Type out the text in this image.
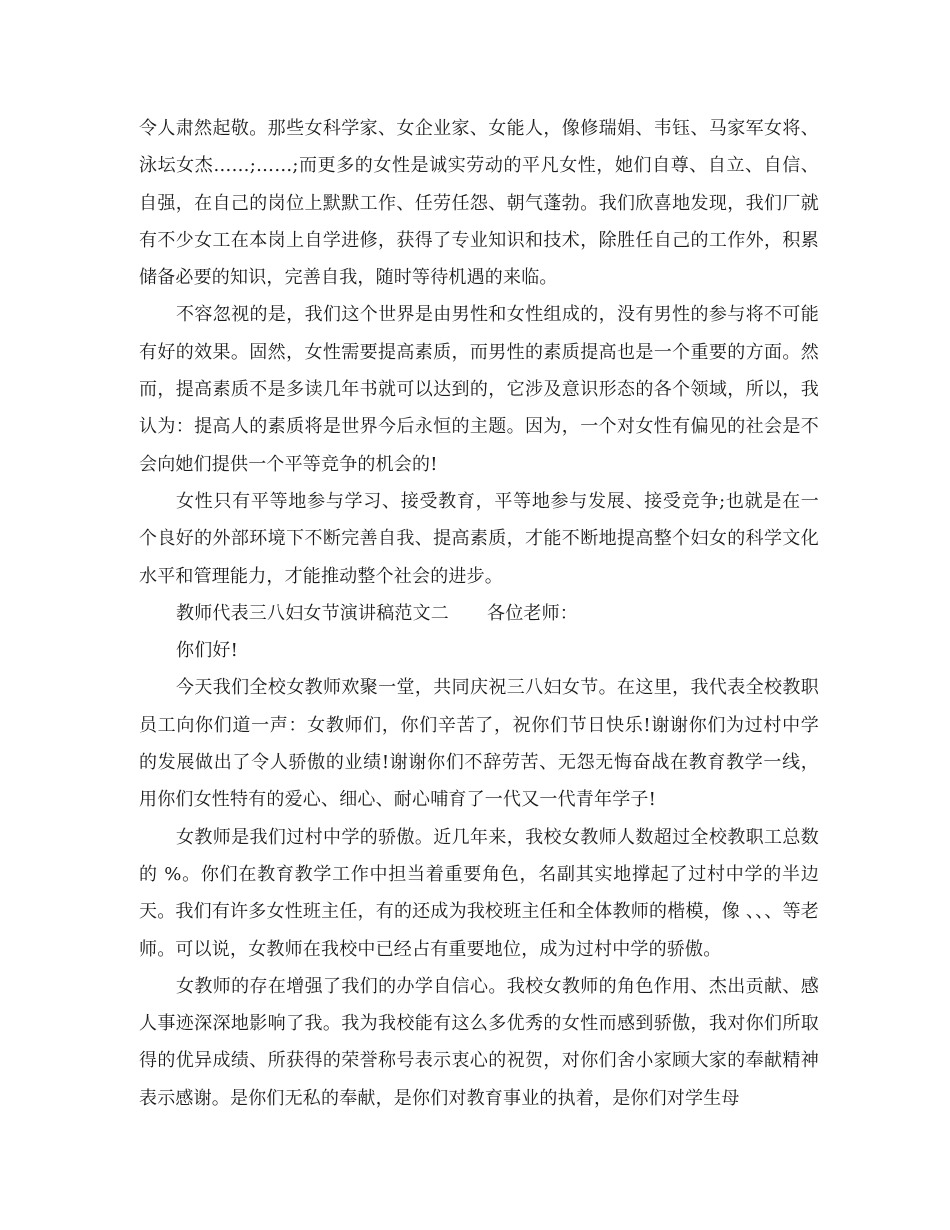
令人肃然起敬。那些女科学家、女企业家、女能人，像修瑞娟、韦钰、马家军女将、泳坛女杰……;……;而更多的女性是诚实劳动的平凡女性，她们自尊、自立、自信、自强，在自己的岗位上默默工作、任劳任怨、朝气蓬勃。我们欣喜地发现，我们厂就有不少女工在本岗上自学进修，获得了专业知识和技术，除胜任自己的工作外，积累储备必要的知识，完善自我，随时等待机遇的来临。

不容忽视的是，我们这个世界是由男性和女性组成的，没有男性的参与将不可能有好的效果。固然，女性需要提高素质，而男性的素质提高也是一个重要的方面。然而，提高素质不是多读几年书就可以达到的，它涉及意识形态的各个领域，所以，我认为：提高人的素质将是世界今后永恒的主题。因为，一个对女性有偏见的社会是不会向她们提供一个平等竞争的机会的!

女性只有平等地参与学习、接受教育，平等地参与发展、接受竞争;也就是在一个良好的外部环境下不断完善自我、提高素质，才能不断地提高整个妇女的科学文化水平和管理能力，才能推动整个社会的进步。

教师代表三八妇女节演讲稿范文二 各位老师：

你们好!

今天我们全校女教师欢聚一堂，共同庆祝三八妇女节。在这里，我代表全校教职员工向你们道一声：女教师们，你们辛苦了，祝你们节日快乐!谢谢你们为过村中学的发展做出了令人骄傲的业绩!谢谢你们不辞劳苦、无怨无悔奋战在教育教学一线，用你们女性特有的爱心、细心、耐心哺育了一代又一代青年学子!

女教师是我们过村中学的骄傲。近几年来，我校女教师人数超过全校教职工总数的 %。你们在教育教学工作中担当着重要角色，名副其实地撑起了过村中学的半边天。我们有许多女性班主任，有的还成为我校班主任和全体教师的楷模，像 、、、等老师。可以说，女教师在我校中已经占有重要地位，成为过村中学的骄傲。

女教师的存在增强了我们的办学自信心。我校女教师的角色作用、杰出贡献、感人事迹深深地影响了我。我为我校能有这么多优秀的女性而感到骄傲，我对你们所取得的优异成绩、所获得的荣誉称号表示衷心的祝贺，对你们舍小家顾大家的奉献精神表示感谢。是你们无私的奉献，是你们对教育事业的执着，是你们对学生母
